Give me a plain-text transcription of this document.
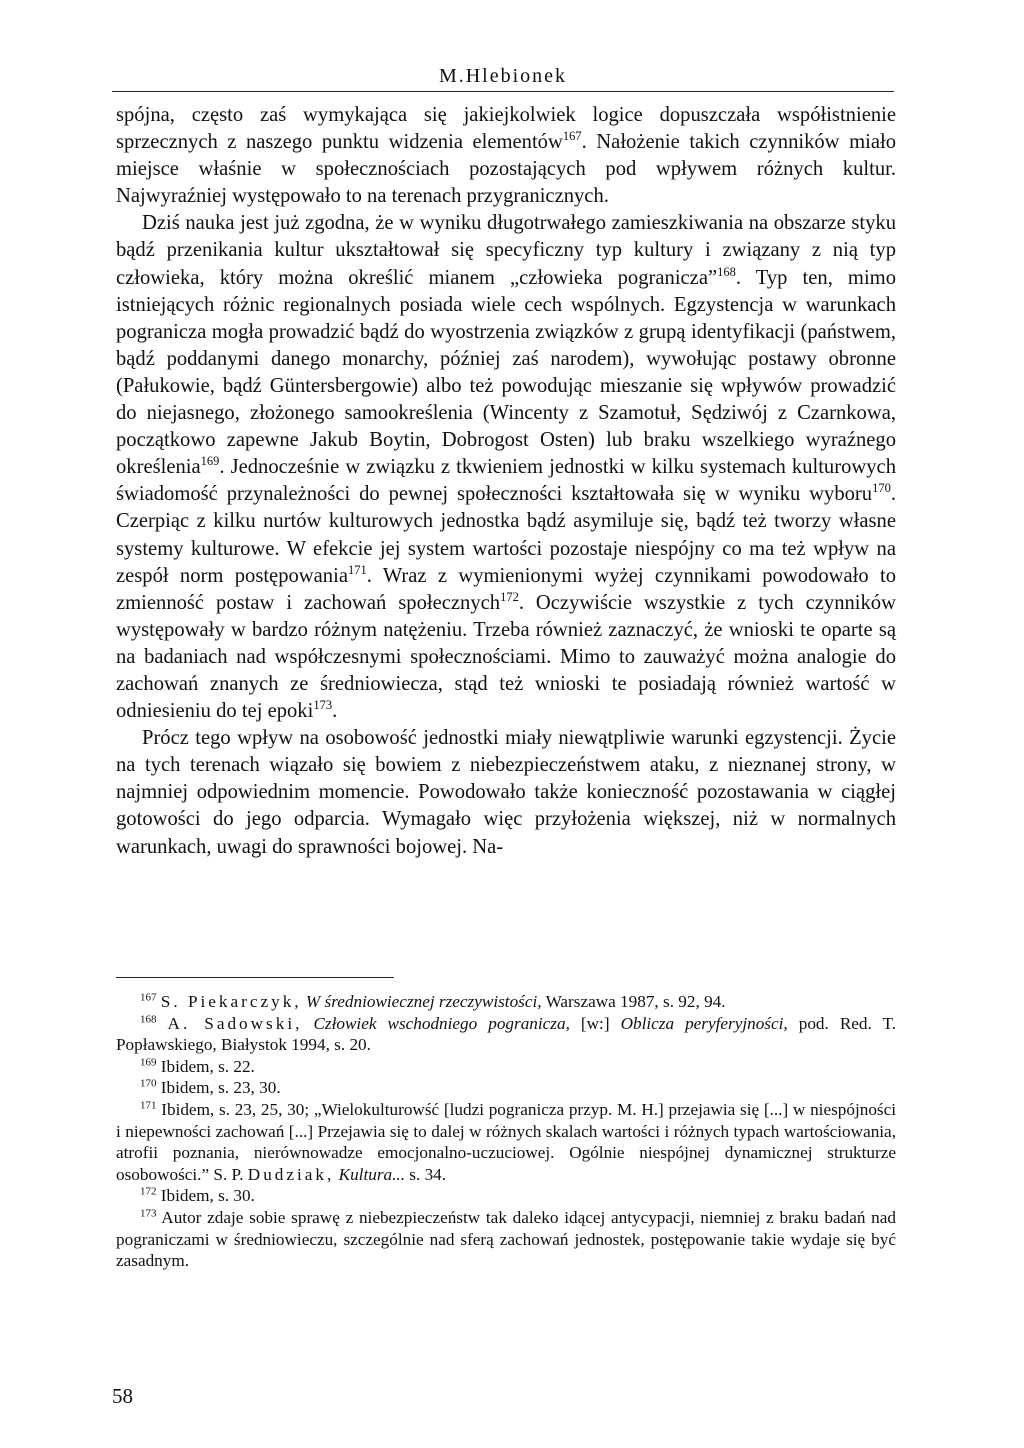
M.Hlebionek

spójna, często zaś wymykająca się jakiejkolwiek logice dopuszczała współistnienie sprzecznych z naszego punktu widzenia elementów$^{167}$. Nałożenie takich czynników miało miejsce właśnie w społecznościach pozostających pod wpływem różnych kultur. Najwyraźniej występowało to na terenach przygranicznych.

Dziś nauka jest już zgodna, że w wyniku długotrwałego zamieszkiwania na obszarze styku bądź przenikania kultur ukształtował się specyficzny typ kultury i związany z nią typ człowieka, który można określić mianem „człowieka pogranicza”$^{168}$. Typ ten, mimo istniejących różnic regionalnych posiada wiele cech wspólnych. Egzystencja w warunkach pogranicza mogła prowadzić bądź do wyostrzenia związków z grupą identyfikacji (państwem, bądź poddanymi danego monarchy, później zaś narodem), wywołując postawy obronne (Pałukowie, bądź Güntersbergowie) albo też powodując mieszanie się wpływów prowadzić do niejasnego, złożonego samookreślenia (Wincenty z Szamotuł, Sędziwój z Czarnkowa, początkowo zapewne Jakub Boytin, Dobrogost Osten) lub braku wszelkiego wyraźnego określenia$^{169}$. Jednocześnie w związku z tkwieniem jednostki w kilku systemach kulturowych świadomość przynależności do pewnej społeczności kształtowała się w wyniku wyboru$^{170}$. Czerpiąc z kilku nurtów kulturowych jednostka bądź asymiluje się, bądź też tworzy własne systemy kulturowe. W efekcie jej system wartości pozostaje niespójny co ma też wpływ na zespół norm postępowania$^{171}$. Wraz z wymienionymi wyżej czynnikami powodowało to zmienność postaw i zachowań społecznych$^{172}$. Oczywiście wszystkie z tych czynników występowały w bardzo różnym natężeniu. Trzeba również zaznaczyć, że wnioski te oparte są na badaniach nad współczesnymi społecznościami. Mimo to zauważyć można analogie do zachowań znanych ze średniowiecza, stąd też wnioski te posiadają również wartość w odniesieniu do tej epoki$^{173}$.

Prócz tego wpływ na osobowość jednostki miały niewątpliwie warunki egzystencji. Życie na tych terenach wiązało się bowiem z niebezpieczeństwem ataku, z nieznanej strony, w najmniej odpowiednim momencie. Powodowało także konieczność pozostawania w ciągłej gotowości do jego odparcia. Wymagało więc przyłożenia większej, niż w normalnych warunkach, uwagi do sprawności bojowej. Na-

$^{167}$ S. Piekarczyk, W średniowiecznej rzeczywistości, Warszawa 1987, s. 92, 94.

$^{168}$ A. Sadowski, Człowiek wschodniego pogranicza, [w:] Oblicza peryferyjności, pod. Red. T. Popławskiego, Białystok 1994, s. 20.

$^{169}$ Ibidem, s. 22.

$^{170}$ Ibidem, s. 23, 30.

$^{171}$ Ibidem, s. 23, 25, 30; „Wielokulturowść [ludzi pogranicza przyp. M. H.] przejawia się [...] w niespójności i niepewności zachowań [...] Przejawia się to dalej w różnych skalach wartości i różnych typach wartościowania, atrofii poznania, nierównowadze emocjonalno-uczuciowej. Ogólnie niespójnej dynamicznej strukturze osobowości.” S. P. Dudziak, Kultura... s. 34.

$^{172}$ Ibidem, s. 30.

$^{173}$ Autor zdaje sobie sprawę z niebezpieczeństw tak daleko idącej antycypacji, niemniej z braku badań nad pograniczami w średniowieczu, szczególnie nad sferą zachowań jednostek, postępowanie takie wydaje się być zasadnym.

58
